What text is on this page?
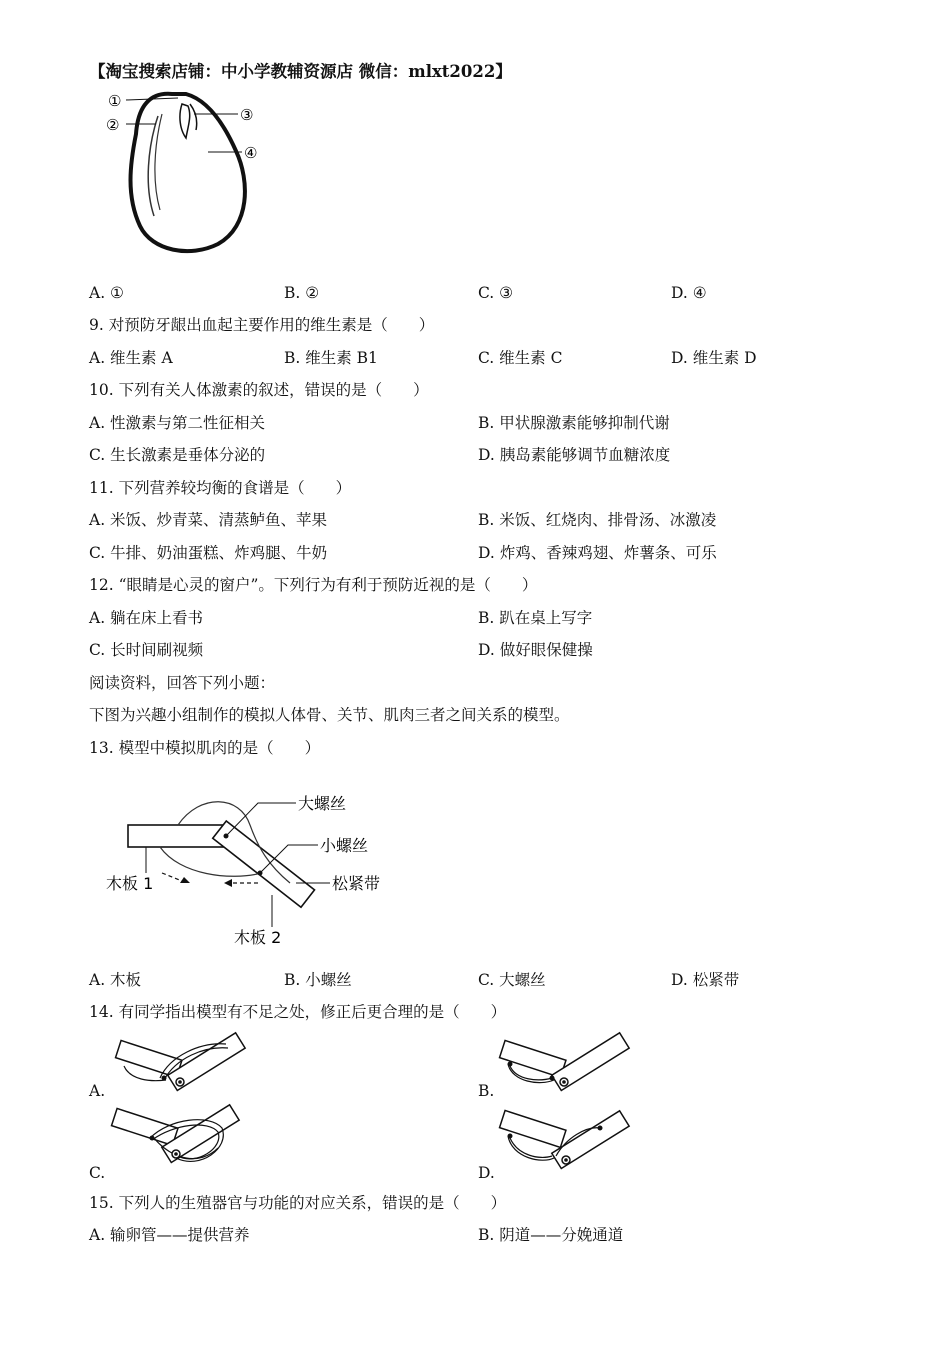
【淘宝搜索店铺：中小学教辅资源店 微信：mlxt2022】
①
②
③
④
A. ①	B. ②	C. ③	D. ④
9. 对预防牙龈出血起主要作用的维生素是（　　）
A. 维生素 A	B. 维生素 B1	C. 维生素 C	D. 维生素 D
10. 下列有关人体激素的叙述，错误的是（　　）
A. 性激素与第二性征相关	B. 甲状腺激素能够抑制代谢
C. 生长激素是垂体分泌的	D. 胰岛素能够调节血糖浓度
11. 下列营养较均衡的食谱是（　　）
A. 米饭、炒青菜、清蒸鲈鱼、苹果	B. 米饭、红烧肉、排骨汤、冰激凌
C. 牛排、奶油蛋糕、炸鸡腿、牛奶	D. 炸鸡、香辣鸡翅、炸薯条、可乐
12. “眼睛是心灵的窗户”。下列行为有利于预防近视的是（　　）
A. 躺在床上看书	B. 趴在桌上写字
C. 长时间刷视频	D. 做好眼保健操
阅读资料，回答下列小题：
下图为兴趣小组制作的模拟人体骨、关节、肌肉三者之间关系的模型。
13. 模型中模拟肌肉的是（　　）
大螺丝
小螺丝
木板 1	松紧带
木板 2
A. 木板	B. 小螺丝	C. 大螺丝	D. 松紧带
14. 有同学指出模型有不足之处，修正后更合理的是（　　）
A.	B.
C.	D.
15. 下列人的生殖器官与功能的对应关系，错误的是（　　）
A. 输卵管——提供营养	B. 阴道——分娩通道
